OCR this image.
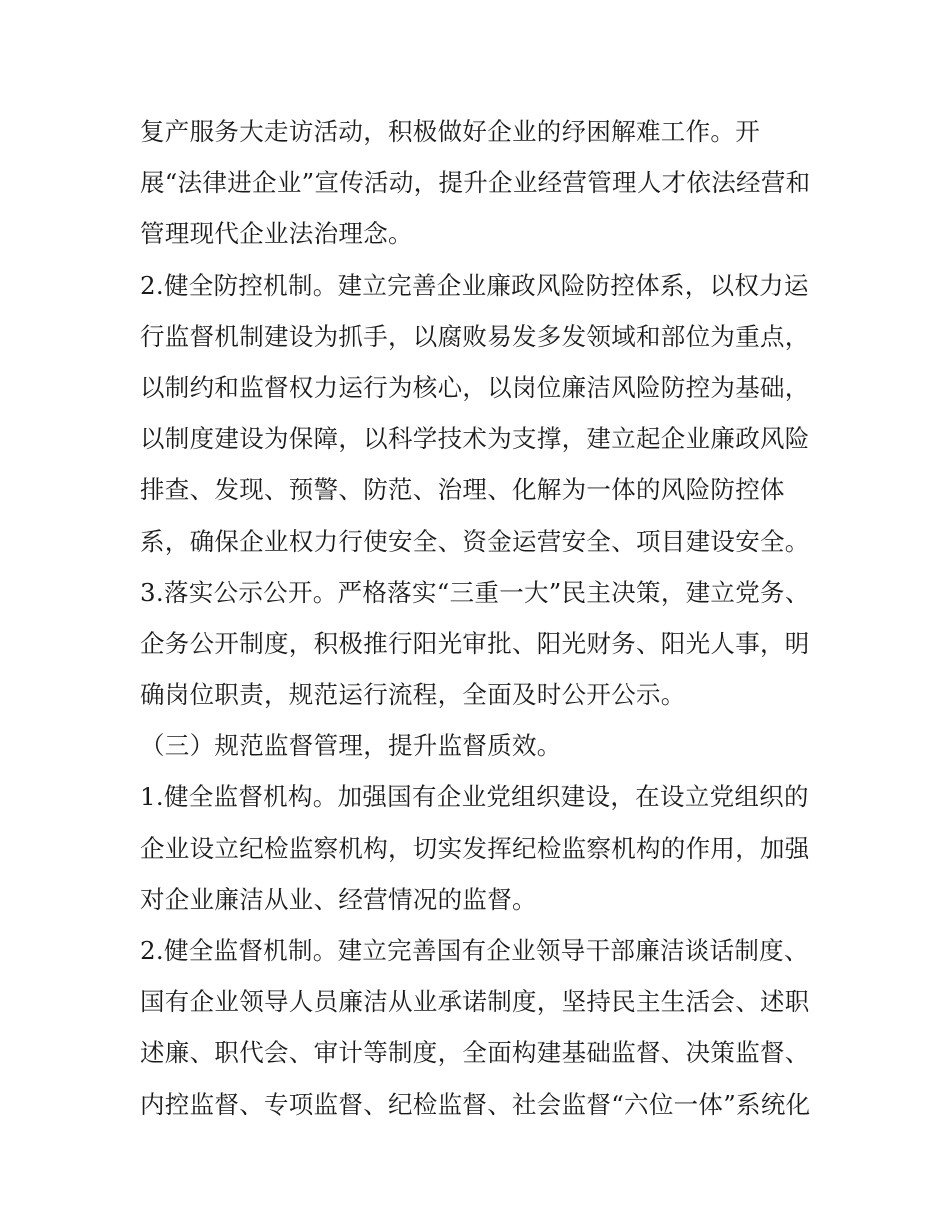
复产服务大走访活动，积极做好企业的纾困解难工作。开
展“法律进企业”宣传活动，提升企业经营管理人才依法经营和
管理现代企业法治理念。
2.健全防控机制。建立完善企业廉政风险防控体系，以权力运
行监督机制建设为抓手，以腐败易发多发领域和部位为重点，
以制约和监督权力运行为核心，以岗位廉洁风险防控为基础，
以制度建设为保障，以科学技术为支撑，建立起企业廉政风险
排查、发现、预警、防范、治理、化解为一体的风险防控体
系，确保企业权力行使安全、资金运营安全、项目建设安全。
3.落实公示公开。严格落实“三重一大”民主决策，建立党务、
企务公开制度，积极推行阳光审批、阳光财务、阳光人事，明
确岗位职责，规范运行流程，全面及时公开公示。
（三）规范监督管理，提升监督质效。
1.健全监督机构。加强国有企业党组织建设，在设立党组织的
企业设立纪检监察机构，切实发挥纪检监察机构的作用，加强
对企业廉洁从业、经营情况的监督。
2.健全监督机制。建立完善国有企业领导干部廉洁谈话制度、
国有企业领导人员廉洁从业承诺制度，坚持民主生活会、述职
述廉、职代会、审计等制度，全面构建基础监督、决策监督、
内控监督、专项监督、纪检监督、社会监督“六位一体”系统化
